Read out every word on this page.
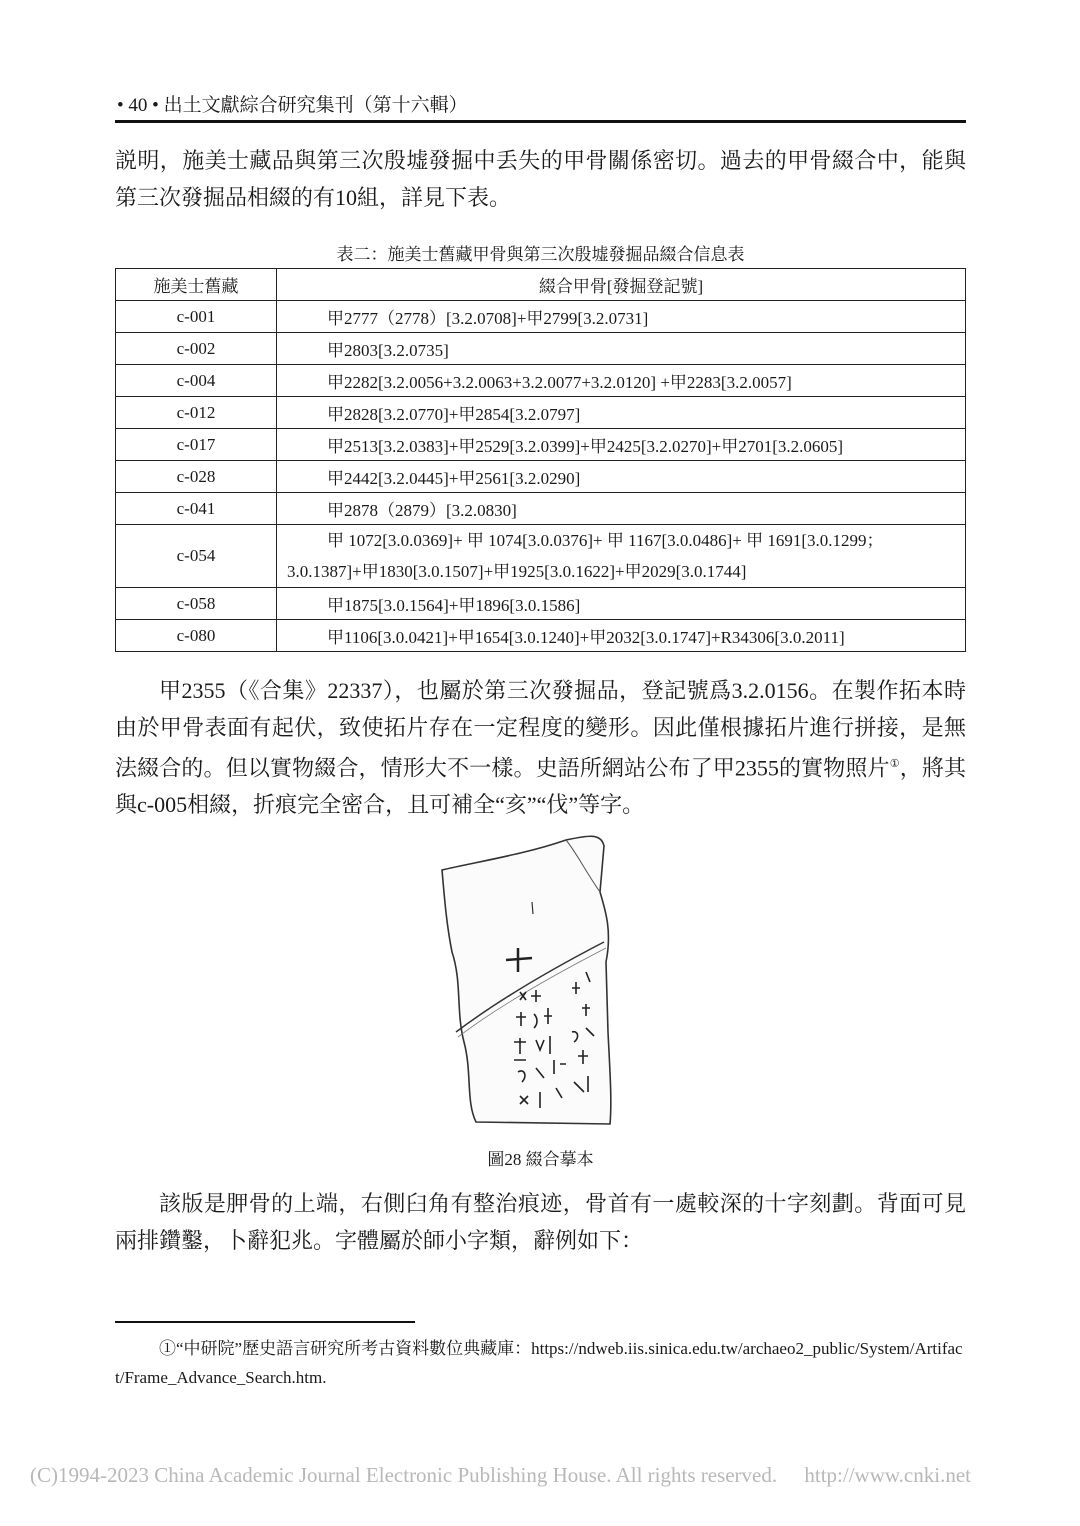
• 40 • 出土文獻綜合研究集刊（第十六輯）

説明，施美士藏品與第三次殷墟發掘中丢失的甲骨關係密切。過去的甲骨綴合中，能與第三次發掘品相綴的有10組，詳見下表。

表二：施美士舊藏甲骨與第三次殷墟發掘品綴合信息表
施美士舊藏	綴合甲骨[發掘登記號]
c-001	甲2777（2778）[3.2.0708]+甲2799[3.2.0731]
c-002	甲2803[3.2.0735]
c-004	甲2282[3.2.0056+3.2.0063+3.2.0077+3.2.0120] +甲2283[3.2.0057]
c-012	甲2828[3.2.0770]+甲2854[3.2.0797]
c-017	甲2513[3.2.0383]+甲2529[3.2.0399]+甲2425[3.2.0270]+甲2701[3.2.0605]
c-028	甲2442[3.2.0445]+甲2561[3.2.0290]
c-041	甲2878（2879）[3.2.0830]
c-054	甲 1072[3.0.0369]+ 甲 1074[3.0.0376]+ 甲 1167[3.0.0486]+ 甲 1691[3.0.1299；3.0.1387]+甲1830[3.0.1507]+甲1925[3.0.1622]+甲2029[3.0.1744]
c-058	甲1875[3.0.1564]+甲1896[3.0.1586]
c-080	甲1106[3.0.0421]+甲1654[3.0.1240]+甲2032[3.0.1747]+R34306[3.0.2011]

甲2355（《合集》22337），也屬於第三次發掘品，登記號爲3.2.0156。在製作拓本時由於甲骨表面有起伏，致使拓片存在一定程度的變形。因此僅根據拓片進行拼接，是無法綴合的。但以實物綴合，情形大不一樣。史語所網站公布了甲2355的實物照片①，將其與c-005相綴，折痕完全密合，且可補全“亥”“伐”等字。

圖28 綴合摹本

該版是胛骨的上端，右側臼角有整治痕迹，骨首有一處較深的十字刻劃。背面可見兩排鑽鑿，卜辭犯兆。字體屬於師小字類，辭例如下：

①“中研院”歷史語言研究所考古資料數位典藏庫：https://ndweb.iis.sinica.edu.tw/archaeo2_public/System/Artifact/Frame_Advance_Search.htm.

(C)1994-2023 China Academic Journal Electronic Publishing House. All rights reserved. http://www.cnki.net
